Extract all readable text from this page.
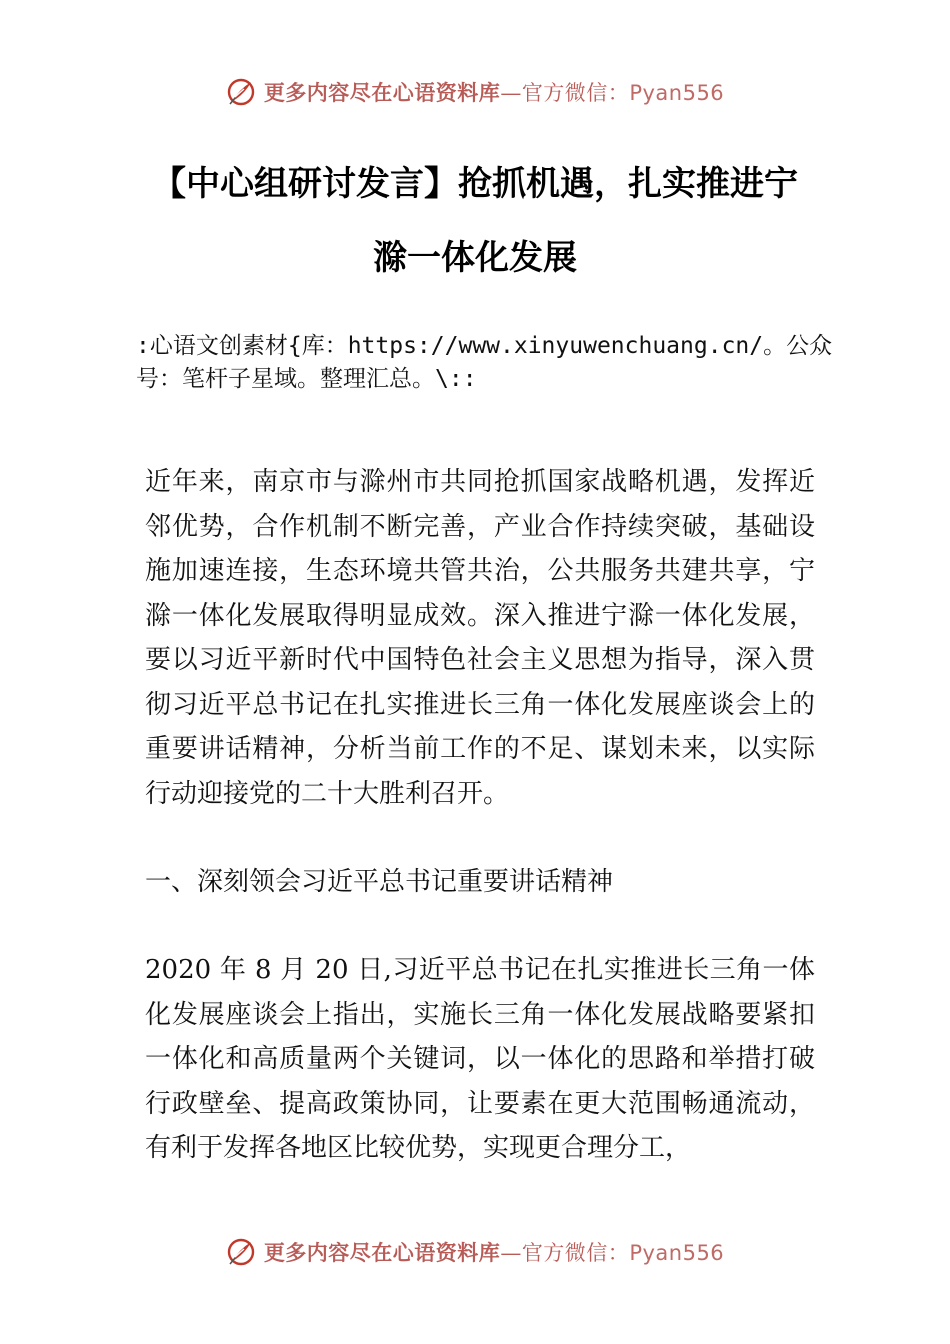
更多内容尽在心语资料库—官方微信：Pyan556
【中心组研讨发言】抢抓机遇，扎实推进宁
滁一体化发展

:心语文创素材{库：https://www.xinyuwenchuang.cn/。公众号：笔杆子星域。整理汇总。\::

近年来，南京市与滁州市共同抢抓国家战略机遇，发挥近邻优势，合作机制不断完善，产业合作持续突破，基础设施加速连接，生态环境共管共治，公共服务共建共享，宁滁一体化发展取得明显成效。深入推进宁滁一体化发展，要以习近平新时代中国特色社会主义思想为指导，深入贯彻习近平总书记在扎实推进长三角一体化发展座谈会上的重要讲话精神，分析当前工作的不足、谋划未来，以实际行动迎接党的二十大胜利召开。

一、深刻领会习近平总书记重要讲话精神

2020 年 8 月 20 日,习近平总书记在扎实推进长三角一体化发展座谈会上指出，实施长三角一体化发展战略要紧扣一体化和高质量两个关键词，以一体化的思路和举措打破行政壁垒、提高政策协同，让要素在更大范围畅通流动，有利于发挥各地区比较优势，实现更合理分工，

更多内容尽在心语资料库—官方微信：Pyan556
